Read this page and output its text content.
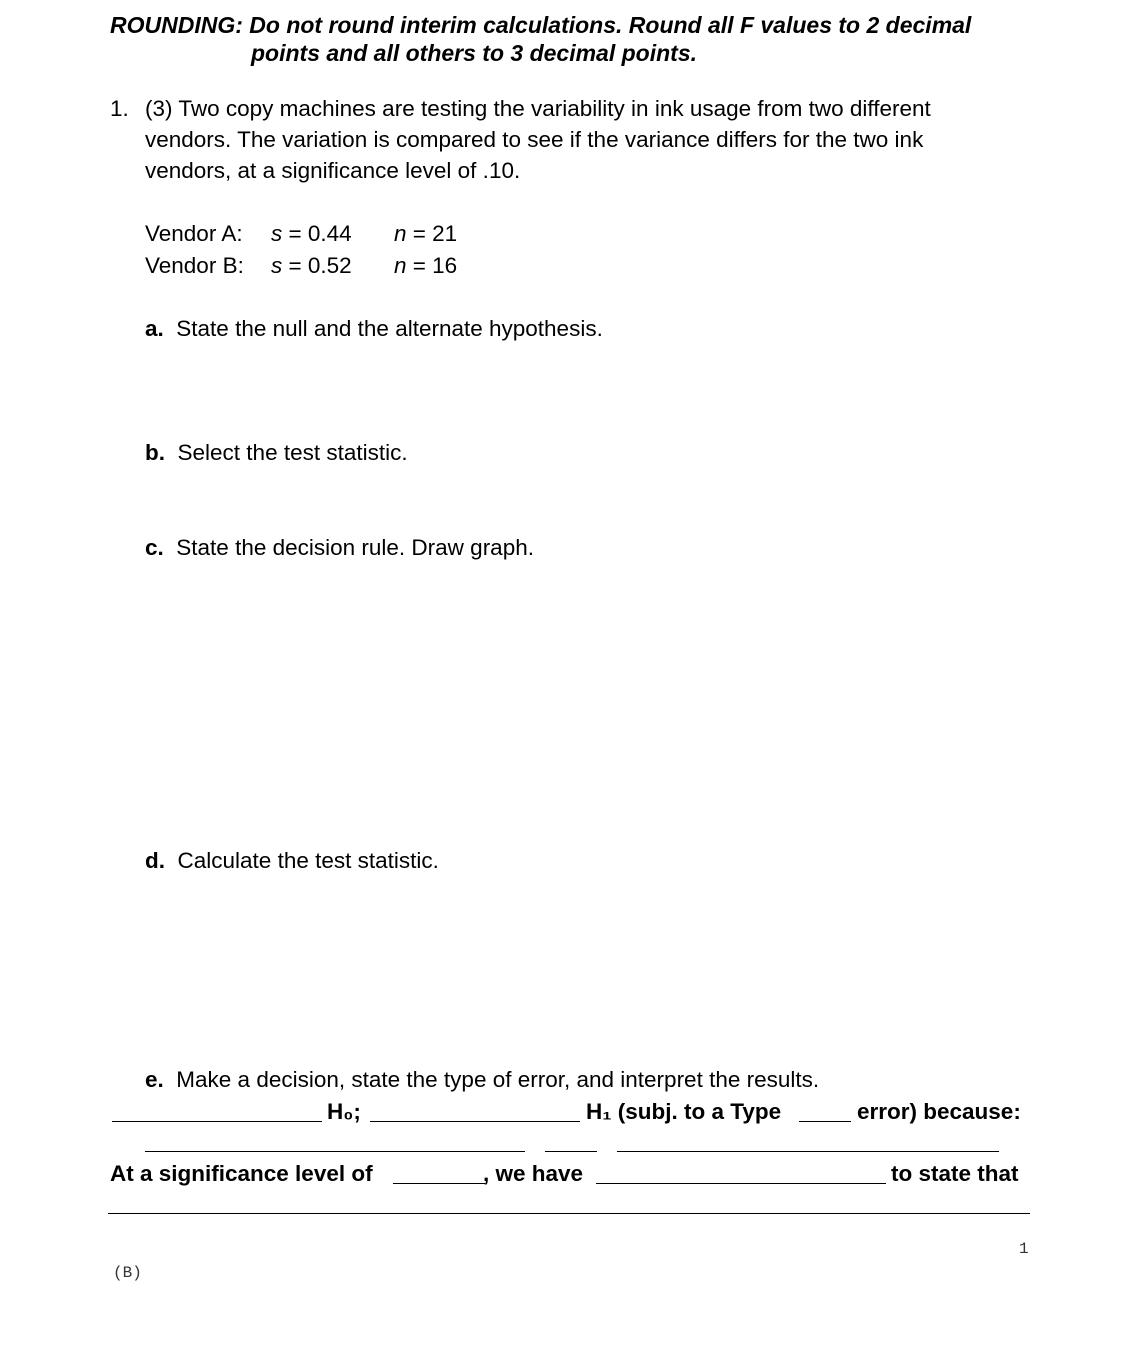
ROUNDING: Do not round interim calculations. Round all F values to 2 decimal
points and all others to 3 decimal points.
1. (3) Two copy machines are testing the variability in ink usage from two different
vendors. The variation is compared to see if the variance differs for the two ink
vendors, at a significance level of .10.
Vendor A: s = 0.44 n = 21
Vendor B: s = 0.52 n = 16
a. State the null and the alternate hypothesis.
b. Select the test statistic.
c. State the decision rule. Draw graph.
d. Calculate the test statistic.
e. Make a decision, state the type of error, and interpret the results.
H₀;	H₁ (subj. to a Type	error) because:
At a significance level of	, we have	to state that
1
(B)
